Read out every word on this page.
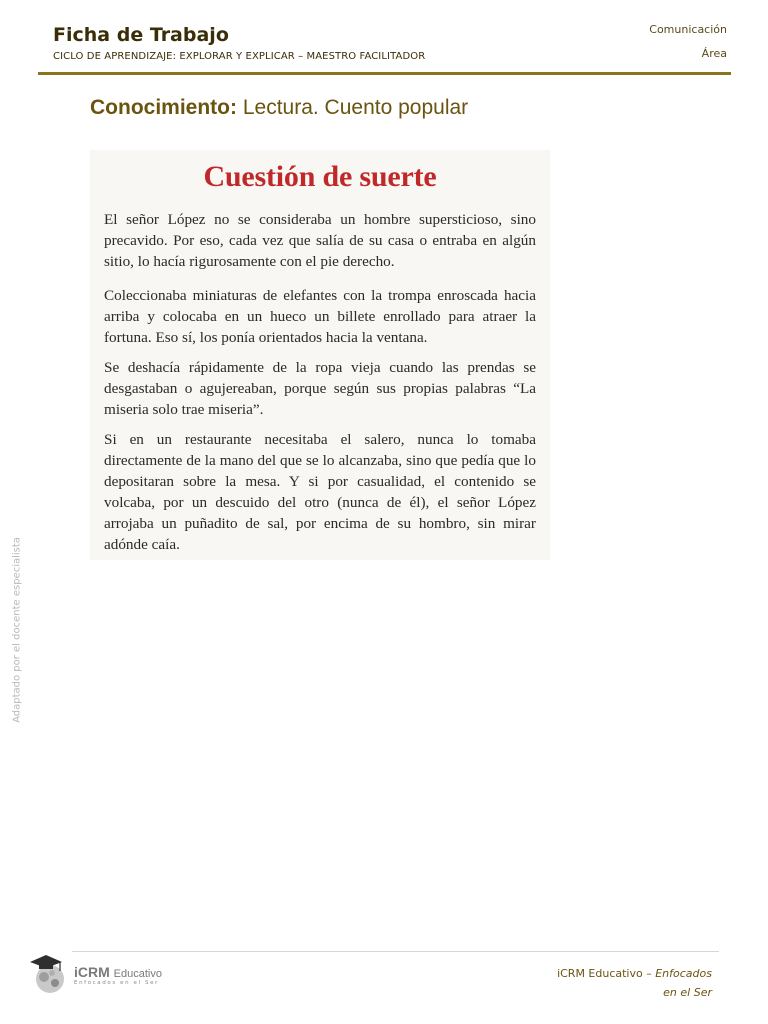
Ficha de Trabajo
CICLO DE APRENDIZAJE: EXPLORAR Y EXPLICAR – MAESTRO FACILITADOR
Comunicación
Área
Conocimiento: Lectura. Cuento popular
Cuestión de suerte

El señor López no se consideraba un hombre supersticioso, sino precavido. Por eso, cada vez que salía de su casa o entraba en algún sitio, lo hacía rigurosamente con el pie derecho.

Coleccionaba miniaturas de elefantes con la trompa enroscada hacia arriba y colocaba en un hueco un billete enrollado para atraer la fortuna. Eso sí, los ponía orientados hacia la ventana.

Se deshacía rápidamente de la ropa vieja cuando las prendas se desgastaban o agujereaban, porque según sus propias palabras “La miseria solo trae miseria”.

Si en un restaurante necesitaba el salero, nunca lo tomaba directamente de la mano del que se lo alcanzaba, sino que pedía que lo depositaran sobre la mesa. Y si por casualidad, el contenido se volcaba, por un descuido del otro (nunca de él), el señor López arrojaba un puñadito de sal, por encima de su hombro, sin mirar adónde caía.

Adaptado por el docente especialista
iCRM Educativo
Enfocados en el Ser
iCRM Educativo – Enfocados
en el Ser
